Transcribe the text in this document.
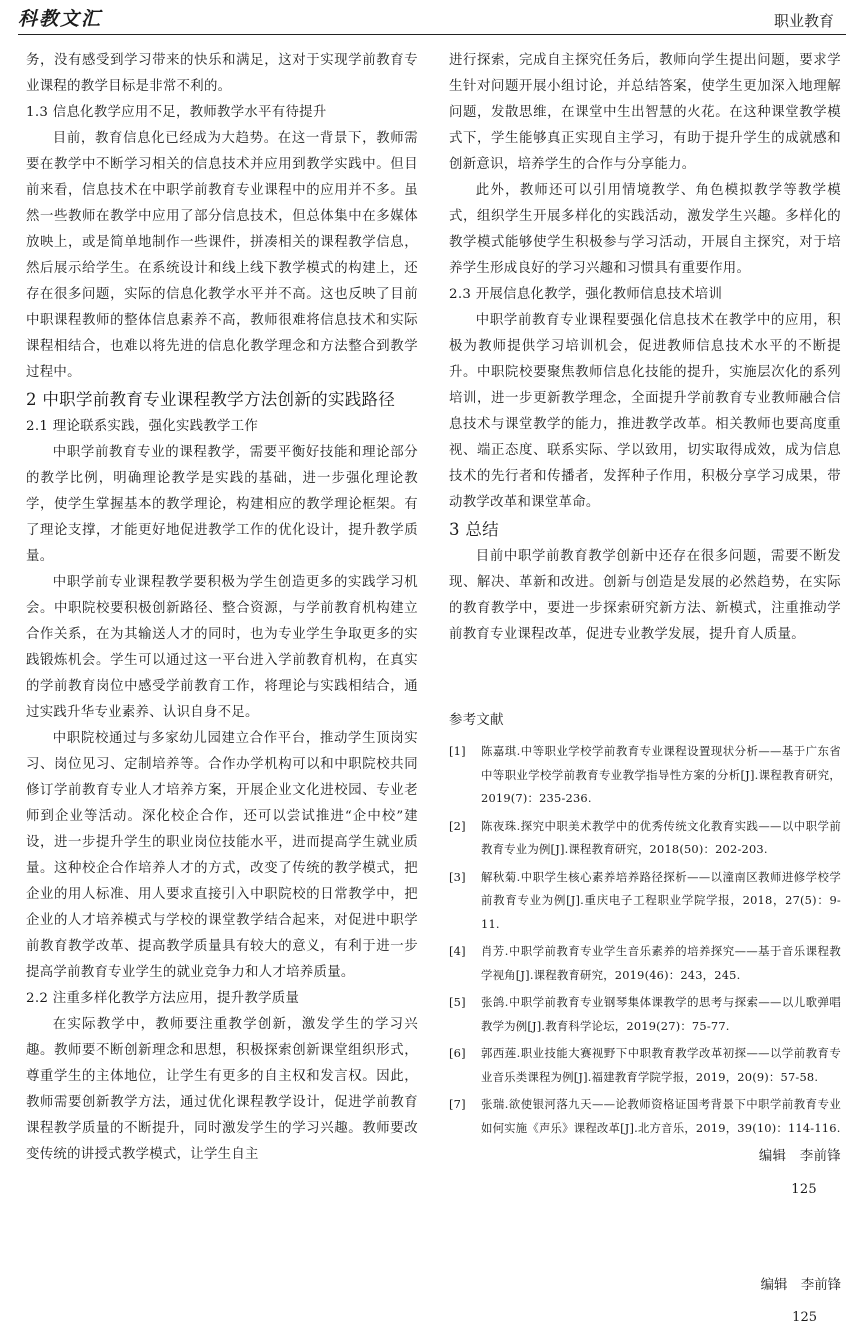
科教文汇	职业教育

务，没有感受到学习带来的快乐和满足，这对于实现学前教育专业课程的教学目标是非常不利的。

1.3 信息化教学应用不足，教师教学水平有待提升

目前，教育信息化已经成为大趋势。在这一背景下，教师需要在教学中不断学习相关的信息技术并应用到教学实践中。但目前来看，信息技术在中职学前教育专业课程中的应用并不多。虽然一些教师在教学中应用了部分信息技术，但总体集中在多媒体放映上，或是简单地制作一些课件，拼凑相关的课程教学信息，然后展示给学生。在系统设计和线上线下教学模式的构建上，还存在很多问题，实际的信息化教学水平并不高。这也反映了目前中职课程教师的整体信息素养不高，教师很难将信息技术和实际课程相结合，也难以将先进的信息化教学理念和方法整合到教学过程中。

2 中职学前教育专业课程教学方法创新的实践路径
2.1 理论联系实践，强化实践教学工作

中职学前教育专业的课程教学，需要平衡好技能和理论部分的教学比例，明确理论教学是实践的基础，进一步强化理论教学，使学生掌握基本的教学理论，构建相应的教学理论框架。有了理论支撑，才能更好地促进教学工作的优化设计，提升教学质量。

中职学前专业课程教学要积极为学生创造更多的实践学习机会。中职院校要积极创新路径、整合资源，与学前教育机构建立合作关系，在为其输送人才的同时，也为专业学生争取更多的实践锻炼机会。学生可以通过这一平台进入学前教育机构，在真实的学前教育岗位中感受学前教育工作，将理论与实践相结合，通过实践升华专业素养、认识自身不足。

中职院校通过与多家幼儿园建立合作平台，推动学生顶岗实习、岗位见习、定制培养等。合作办学机构可以和中职院校共同修订学前教育专业人才培养方案，开展企业文化进校园、专业老师到企业等活动。深化校企合作，还可以尝试推进“企中校”建设，进一步提升学生的职业岗位技能水平，进而提高学生就业质量。这种校企合作培养人才的方式，改变了传统的教学模式，把企业的用人标准、用人要求直接引入中职院校的日常教学中，把企业的人才培养模式与学校的课堂教学结合起来，对促进中职学前教育教学改革、提高教学质量具有较大的意义，有利于进一步提高学前教育专业学生的就业竞争力和人才培养质量。

2.2 注重多样化教学方法应用，提升教学质量

在实际教学中，教师要注重教学创新，激发学生的学习兴趣。教师要不断创新理念和思想，积极探索创新课堂组织形式，尊重学生的主体地位，让学生有更多的自主权和发言权。因此，教师需要创新教学方法，通过优化课程教学设计，促进学前教育课程教学质量的不断提升，同时激发学生的学习兴趣。教师要改变传统的讲授式教学模式，让学生自主

进行探索，完成自主探究任务后，教师向学生提出问题，要求学生针对问题开展小组讨论，并总结答案，使学生更加深入地理解问题，发散思维，在课堂中生出智慧的火花。在这种课堂教学模式下，学生能够真正实现自主学习，有助于提升学生的成就感和创新意识，培养学生的合作与分享能力。

此外，教师还可以引用情境教学、角色模拟教学等教学模式，组织学生开展多样化的实践活动，激发学生兴趣。多样化的教学模式能够使学生积极参与学习活动，开展自主探究，对于培养学生形成良好的学习兴趣和习惯具有重要作用。

2.3 开展信息化教学，强化教师信息技术培训

中职学前教育专业课程要强化信息技术在教学中的应用，积极为教师提供学习培训机会，促进教师信息技术水平的不断提升。中职院校要聚焦教师信息化技能的提升，实施层次化的系列培训，进一步更新教学理念，全面提升学前教育专业教师融合信息技术与课堂教学的能力，推进教学改革。相关教师也要高度重视、端正态度、联系实际、学以致用，切实取得成效，成为信息技术的先行者和传播者，发挥种子作用，积极分享学习成果，带动教学改革和课堂革命。

3 总结

目前中职学前教育教学创新中还存在很多问题，需要不断发现、解决、革新和改进。创新与创造是发展的必然趋势，在实际的教育教学中，要进一步探索研究新方法、新模式，注重推动学前教育专业课程改革，促进专业教学发展，提升育人质量。

参考文献
[1]	陈嘉琪.中等职业学校学前教育专业课程设置现状分析——基于广东省中等职业学校学前教育专业教学指导性方案的分析[J].课程教育研究，2019(7)：235-236.
[2]	陈夜珠.探究中职美术教学中的优秀传统文化教育实践——以中职学前教育专业为例[J].课程教育研究，2018(50)：202-203.
[3]	解秋菊.中职学生核心素养培养路径探析——以潼南区教师进修学校学前教育专业为例[J].重庆电子工程职业学院学报，2018，27(5)：9-11.
[4]	肖芳.中职学前教育专业学生音乐素养的培养探究——基于音乐课程教学视角[J].课程教育研究，2019(46)：243，245.
[5]	张鸽.中职学前教育专业钢琴集体课教学的思考与探索——以儿歌弹唱教学为例[J].教育科学论坛，2019(27)：75-77.
[6]	郭西莲.职业技能大赛视野下中职教育教学改革初探——以学前教育专业音乐类课程为例[J].福建教育学院学报，2019，20(9)：57-58.
[7]	张瑞.欲使银河落九天——论教师资格证国考背景下中职学前教育专业如何实施《声乐》课程改革[J].北方音乐，2019，39(10)：114-116.
编辑　李前锋
125
编辑　李前锋
125
